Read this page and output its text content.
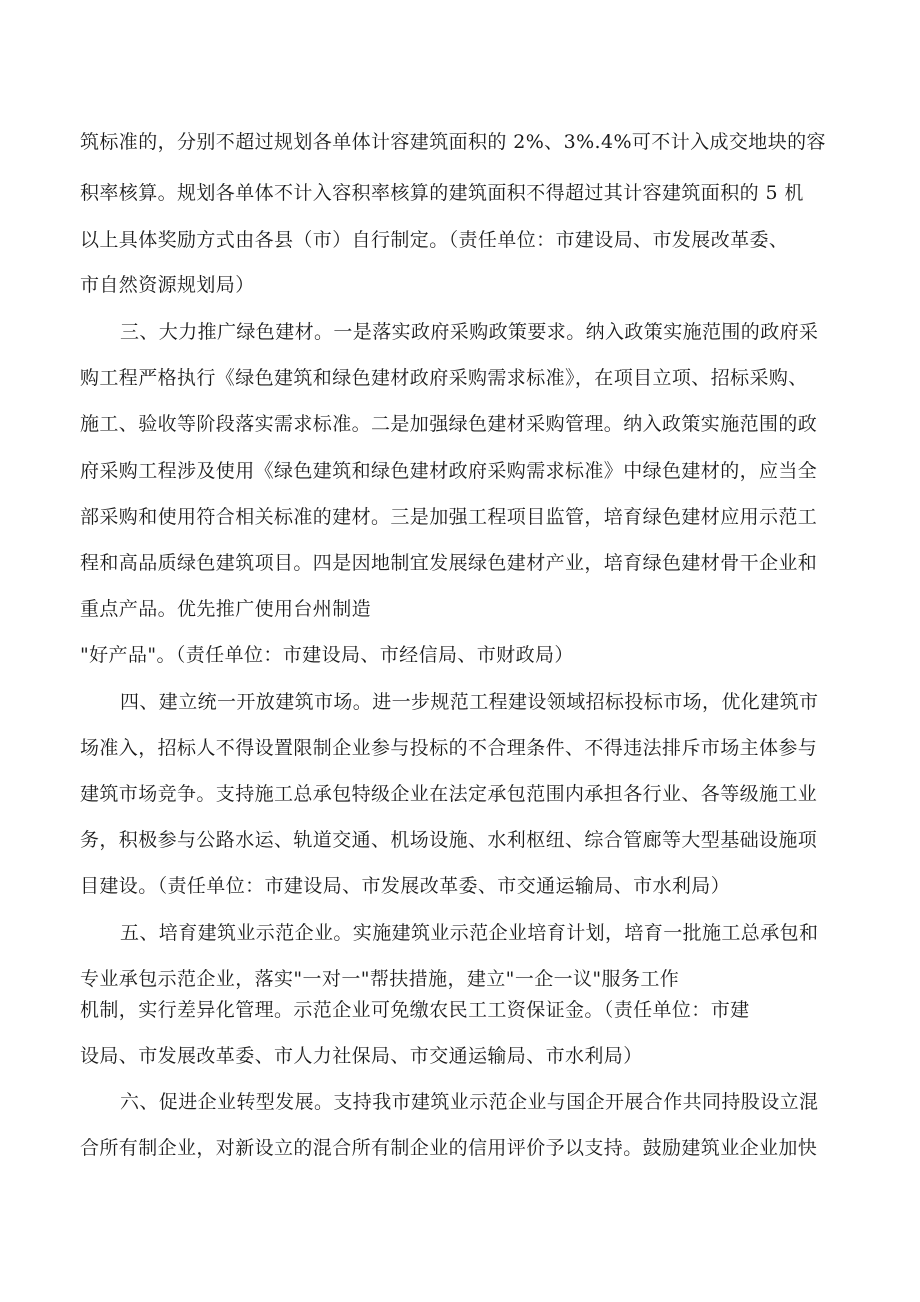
筑标准的，分别不超过规划各单体计容建筑面积的 2%、3%.4%可不计入成交地块的容
积率核算。规划各单体不计入容积率核算的建筑面积不得超过其计容建筑面积的 5 机
以上具体奖励方式由各县（市）自行制定。（责任单位：市建设局、市发展改革委、
市自然资源规划局）
三、大力推广绿色建材。一是落实政府采购政策要求。纳入政策实施范围的政府采
购工程严格执行《绿色建筑和绿色建材政府采购需求标准》，在项目立项、招标采购、
施工、验收等阶段落实需求标准。二是加强绿色建材采购管理。纳入政策实施范围的政
府采购工程涉及使用《绿色建筑和绿色建材政府采购需求标准》中绿色建材的，应当全
部采购和使用符合相关标准的建材。三是加强工程项目监管，培育绿色建材应用示范工
程和高品质绿色建筑项目。四是因地制宜发展绿色建材产业，培育绿色建材骨干企业和
重点产品。优先推广使用台州制造
"好产品"。（责任单位：市建设局、市经信局、市财政局）
四、建立统一开放建筑市场。进一步规范工程建设领域招标投标市场，优化建筑市
场准入，招标人不得设置限制企业参与投标的不合理条件、不得违法排斥市场主体参与
建筑市场竞争。支持施工总承包特级企业在法定承包范围内承担各行业、各等级施工业
务，积极参与公路水运、轨道交通、机场设施、水利枢纽、综合管廊等大型基础设施项
目建设。（责任单位：市建设局、市发展改革委、市交通运输局、市水利局）
五、培育建筑业示范企业。实施建筑业示范企业培育计划，培育一批施工总承包和
专业承包示范企业，落实"一对一"帮扶措施，建立"一企一议"服务工作
机制，实行差异化管理。示范企业可免缴农民工工资保证金。（责任单位：市建
设局、市发展改革委、市人力社保局、市交通运输局、市水利局）
六、促进企业转型发展。支持我市建筑业示范企业与国企开展合作共同持股设立混
合所有制企业，对新设立的混合所有制企业的信用评价予以支持。鼓励建筑业企业加快
